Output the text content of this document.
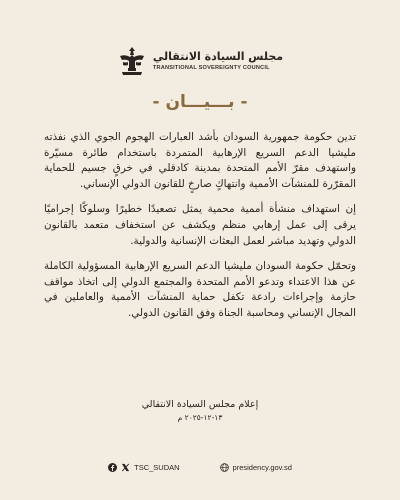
مجلس السيادة الانتقالي
TRANSITIONAL SOVEREIGNTY COUNCIL
- بـــيـــان -

تدين حكومة جمهورية السودان بأشد العبارات الهجوم الجوي الذي نفذته مليشيا الدعم السريع الإرهابية المتمردة باستخدام طائرة مسيّرة واستهدف مقرّ الأمم المتحدة بمدينة كادقلي في خرقٍ جسيم للحماية المقرّرة للمنشآت الأممية وانتهاكٍ صارخٍ للقانون الدولي الإنساني.

إن استهداف منشأة أممية محمية يمثل تصعيدًا خطيرًا وسلوكًا إجراميًا يرقى إلى عمل إرهابي منظم ويكشف عن استخفاف متعمد بالقانون الدولي وتهديد مباشر لعمل البعثات الإنسانية والدولية.

وتحمّل حكومة السودان مليشيا الدعم السريع الإرهابية المسؤولية الكاملة عن هذا الاعتداء وتدعو الأمم المتحدة والمجتمع الدولي إلى اتخاذ مواقف حازمة وإجراءات رادعة تكفل حماية المنشآت الأممية والعاملين في المجال الإنساني ومحاسبة الجناة وفق القانون الدولي.

إعلام مجلس السيادة الانتقالي
١٣-١٢-٢٠٢٥ م
TSC_SUDAN	presidency.gov.sd
